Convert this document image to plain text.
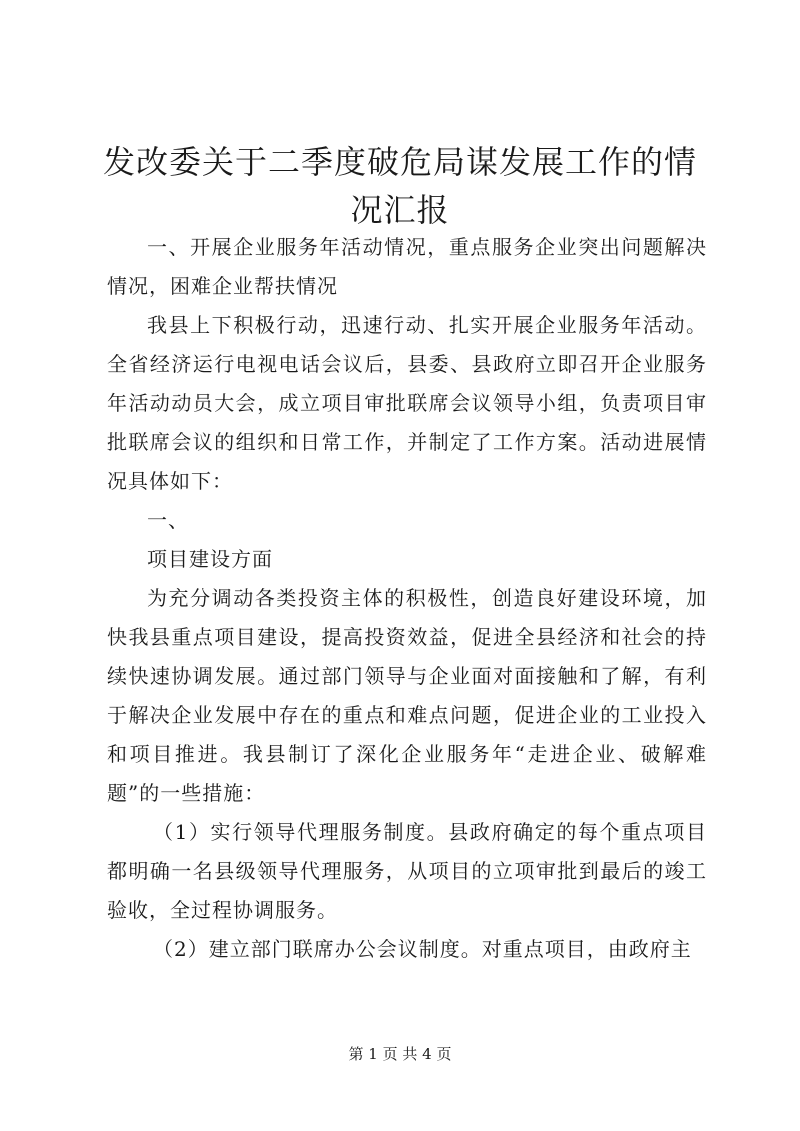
发改委关于二季度破危局谋发展工作的情况汇报

一、开展企业服务年活动情况，重点服务企业突出问题解决情况，困难企业帮扶情况

我县上下积极行动，迅速行动、扎实开展企业服务年活动。全省经济运行电视电话会议后，县委、县政府立即召开企业服务年活动动员大会，成立项目审批联席会议领导小组，负责项目审批联席会议的组织和日常工作，并制定了工作方案。活动进展情况具体如下：

一、

项目建设方面

为充分调动各类投资主体的积极性，创造良好建设环境，加快我县重点项目建设，提高投资效益，促进全县经济和社会的持续快速协调发展。通过部门领导与企业面对面接触和了解，有利于解决企业发展中存在的重点和难点问题，促进企业的工业投入和项目推进。我县制订了深化企业服务年“走进企业、破解难题”的一些措施：

（1）实行领导代理服务制度。县政府确定的每个重点项目都明确一名县级领导代理服务，从项目的立项审批到最后的竣工验收，全过程协调服务。

（2）建立部门联席办公会议制度。对重点项目，由政府主

第 1 页 共 4 页
